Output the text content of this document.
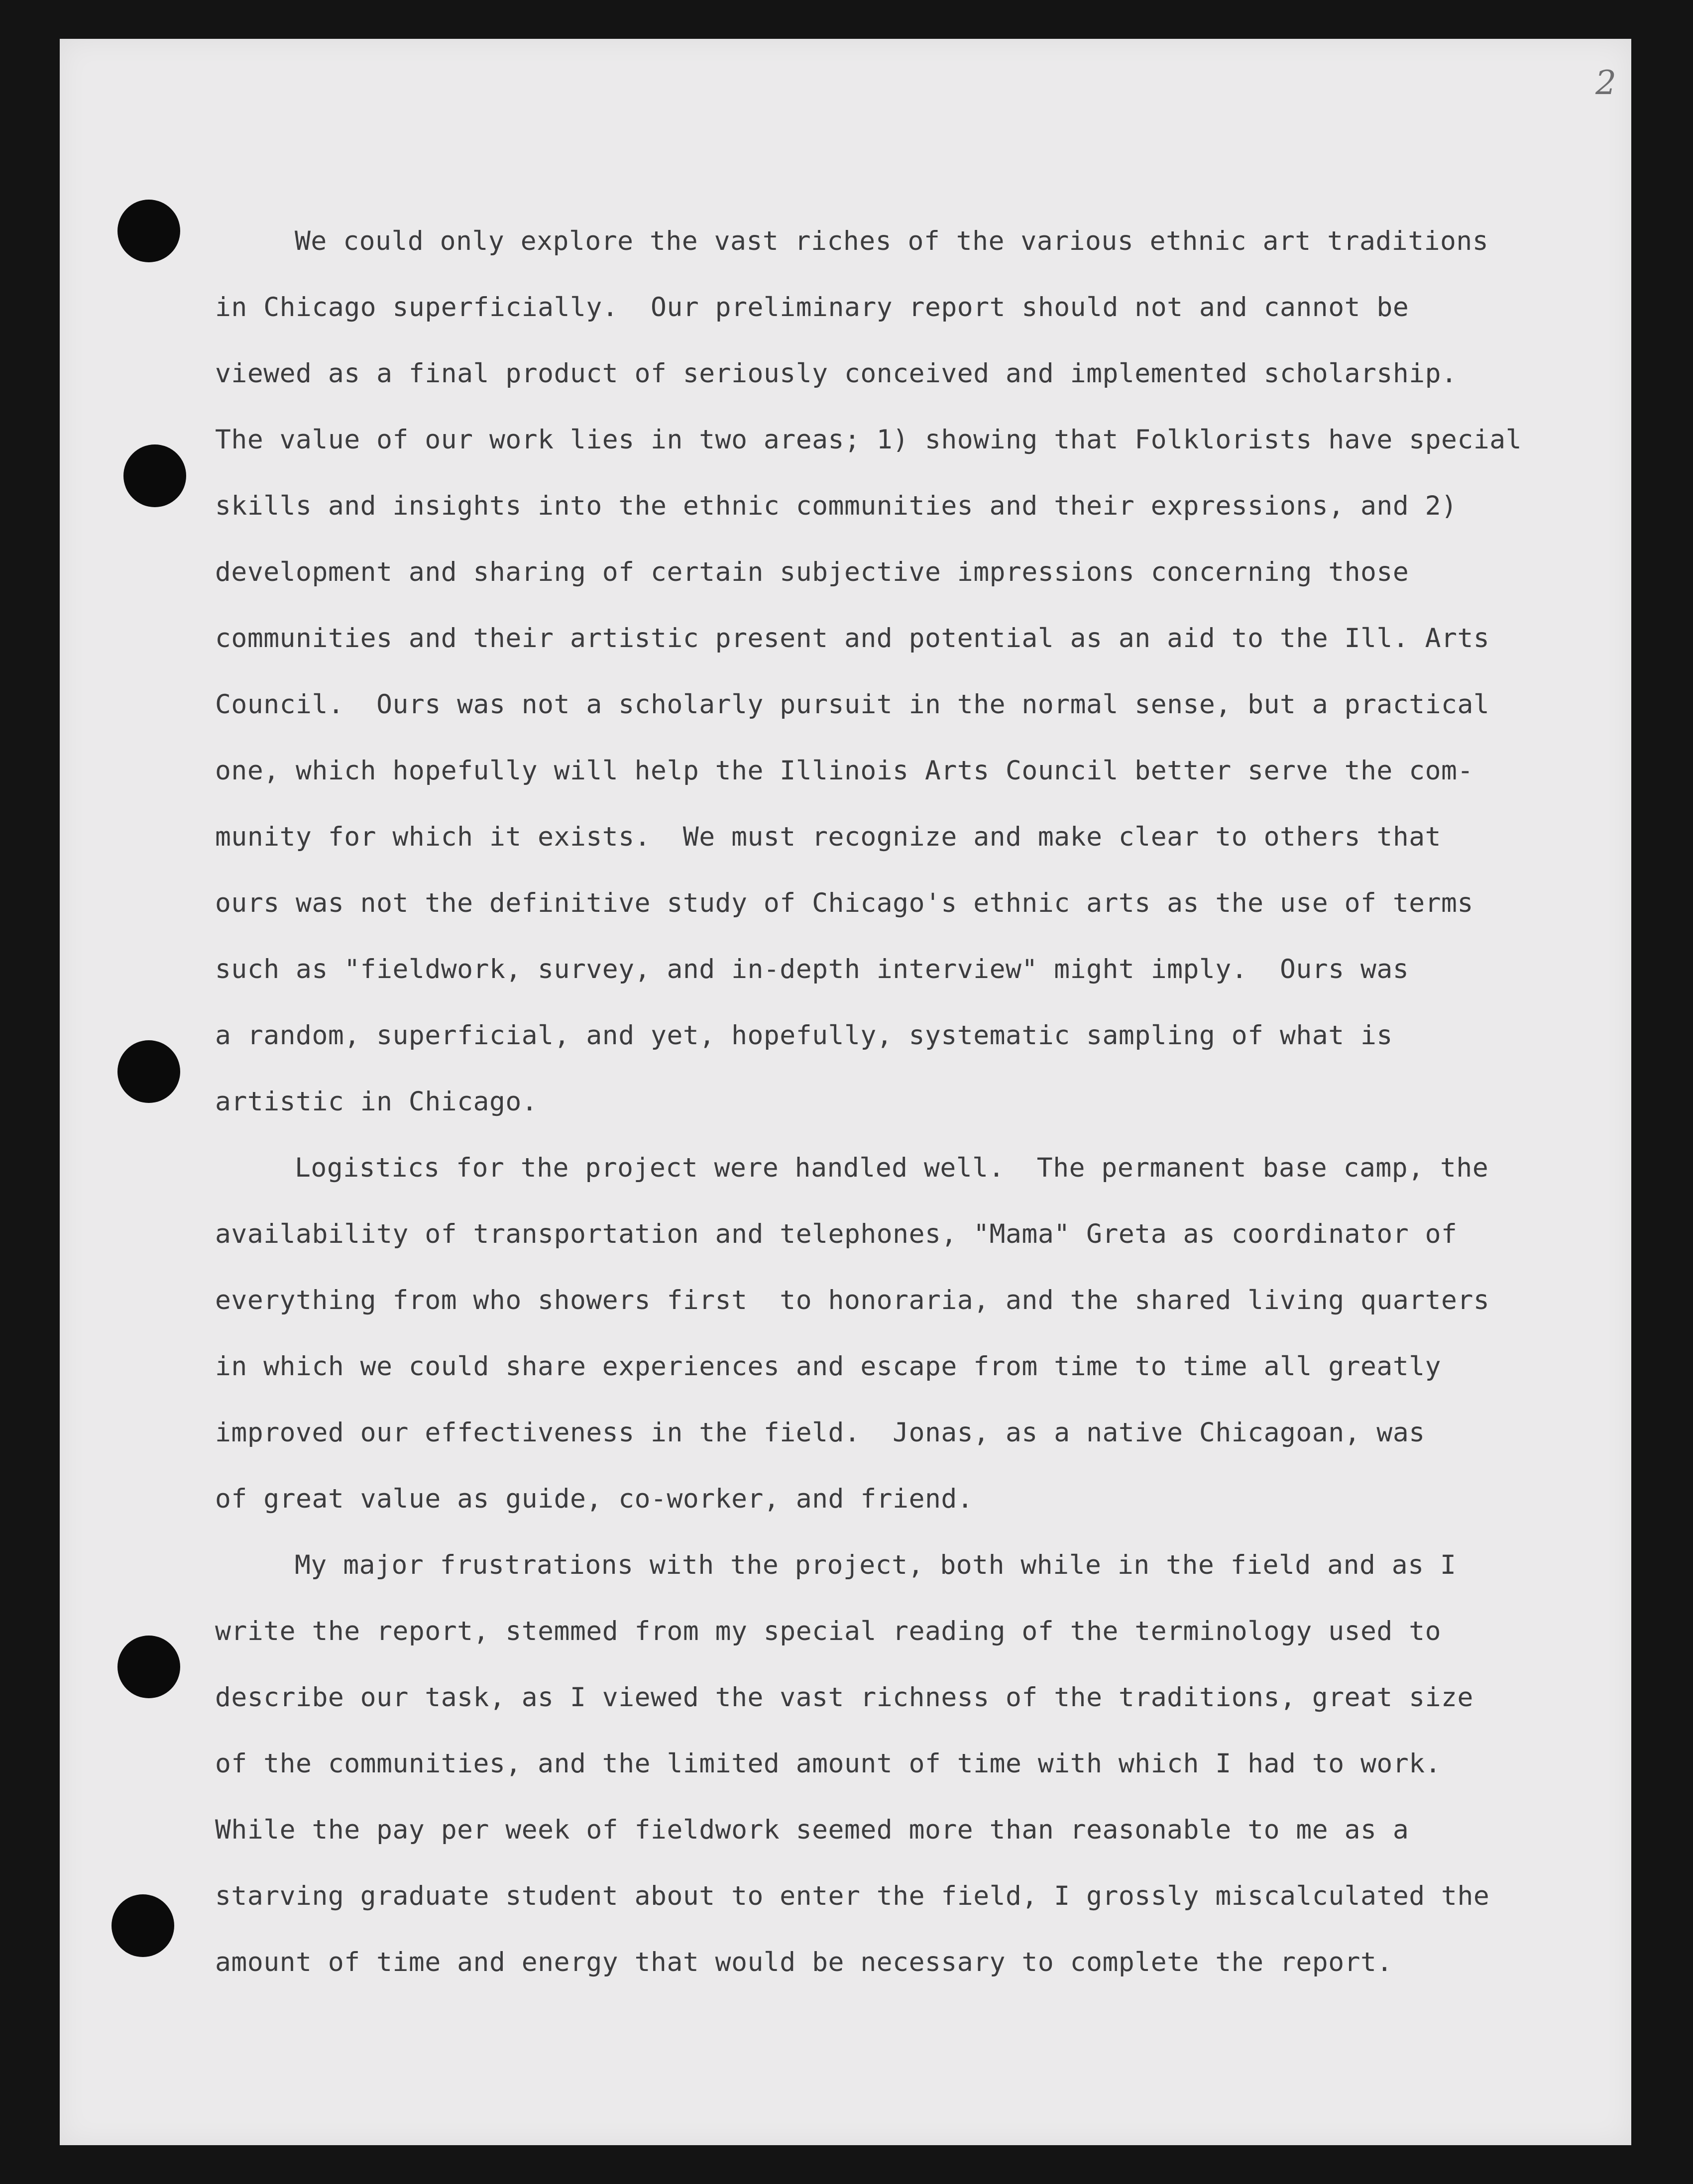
2
We could only explore the vast riches of the various ethnic art traditions
in Chicago superficially.  Our preliminary report should not and cannot be
viewed as a final product of seriously conceived and implemented scholarship.
The value of our work lies in two areas; 1) showing that Folklorists have special
skills and insights into the ethnic communities and their expressions, and 2)
development and sharing of certain subjective impressions concerning those
communities and their artistic present and potential as an aid to the Ill. Arts
Council.  Ours was not a scholarly pursuit in the normal sense, but a practical
one, which hopefully will help the Illinois Arts Council better serve the com-
munity for which it exists.  We must recognize and make clear to others that
ours was not the definitive study of Chicago's ethnic arts as the use of terms
such as "fieldwork, survey, and in-depth interview" might imply.  Ours was
a random, superficial, and yet, hopefully, systematic sampling of what is
artistic in Chicago.
Logistics for the project were handled well.  The permanent base camp, the
availability of transportation and telephones, "Mama" Greta as coordinator of
everything from who showers first  to honoraria, and the shared living quarters
in which we could share experiences and escape from time to time all greatly
improved our effectiveness in the field.  Jonas, as a native Chicagoan, was
of great value as guide, co-worker, and friend.
My major frustrations with the project, both while in the field and as I
write the report, stemmed from my special reading of the terminology used to
describe our task, as I viewed the vast richness of the traditions, great size
of the communities, and the limited amount of time with which I had to work.
While the pay per week of fieldwork seemed more than reasonable to me as a
starving graduate student about to enter the field, I grossly miscalculated the
amount of time and energy that would be necessary to complete the report.
